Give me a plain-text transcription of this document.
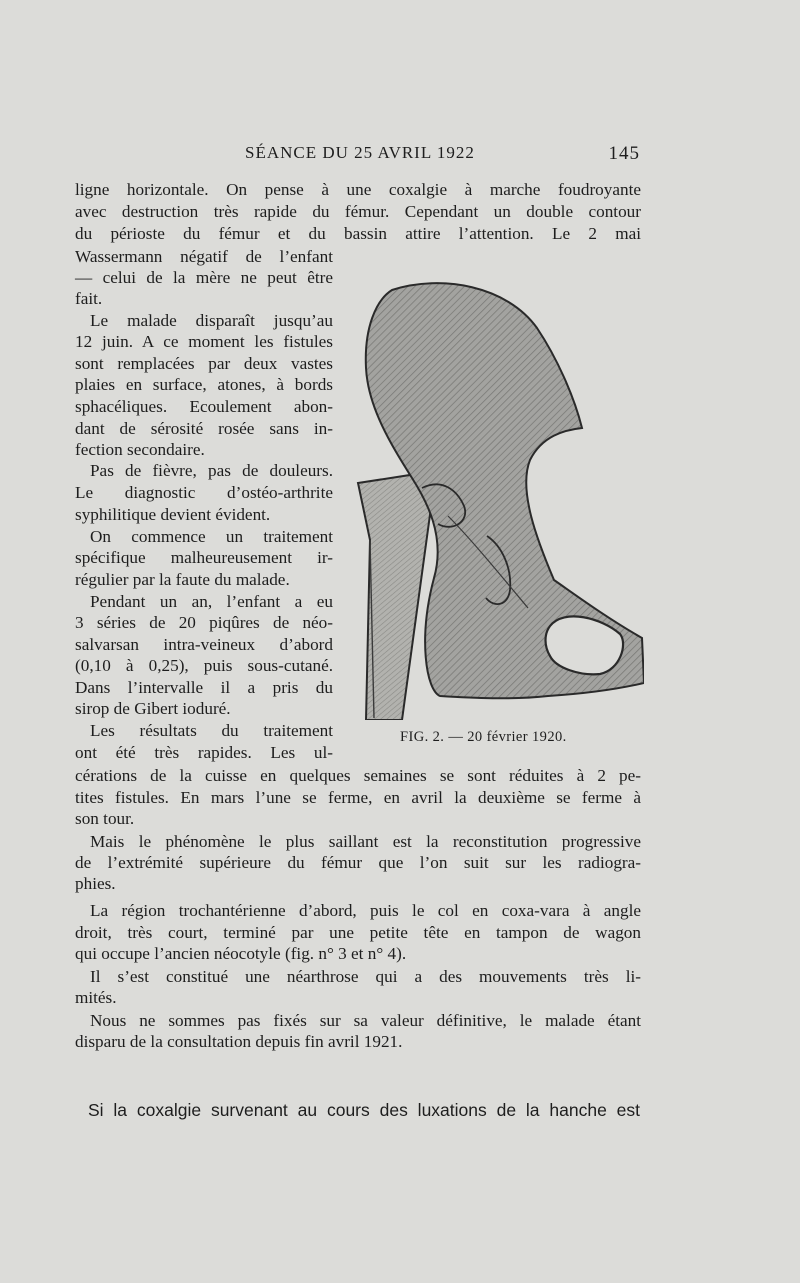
SÉANCE DU 25 AVRIL 1922	145

ligne horizontale. On pense à une coxalgie à marche foudroyante

avec destruction très rapide du fémur. Cependant un double contour

du périoste du fémur et du bassin attire l’attention. Le 2 mai

Wassermann négatif de l’enfant

— celui de la mère ne peut être

fait.

Le malade disparaît jusqu’au

12 juin. A ce moment les fistules

sont remplacées par deux vastes

plaies en surface, atones, à bords

sphacéliques. Ecoulement abon-

dant de sérosité rosée sans in-

fection secondaire.

Pas de fièvre, pas de douleurs.

Le diagnostic d’ostéo-arthrite

syphilitique devient évident.

On commence un traitement

spécifique malheureusement ir-

régulier par la faute du malade.

Pendant un an, l’enfant a eu

3 séries de 20 piqûres de néo-

salvarsan intra-veineux d’abord

(0,10 à 0,25), puis sous-cutané.

Dans l’intervalle il a pris du

sirop de Gibert ioduré.

Les résultats du traitement

ont été très rapides. Les ul-

FIG. 2. — 20 février 1920.

cérations de la cuisse en quelques semaines se sont réduites à 2 pe-

tites fistules. En mars l’une se ferme, en avril la deuxième se ferme à

son tour.

Mais le phénomène le plus saillant est la reconstitution progressive

de l’extrémité supérieure du fémur que l’on suit sur les radiogra-

phies.

La région trochantérienne d’abord, puis le col en coxa-vara à angle

droit, très court, terminé par une petite tête en tampon de wagon

qui occupe l’ancien néocotyle (fig. n° 3 et n° 4).

Il s’est constitué une néarthrose qui a des mouvements très li-

mités.

Nous ne sommes pas fixés sur sa valeur définitive, le malade étant

disparu de la consultation depuis fin avril 1921.

Si la coxalgie survenant au cours des luxations de la hanche est
